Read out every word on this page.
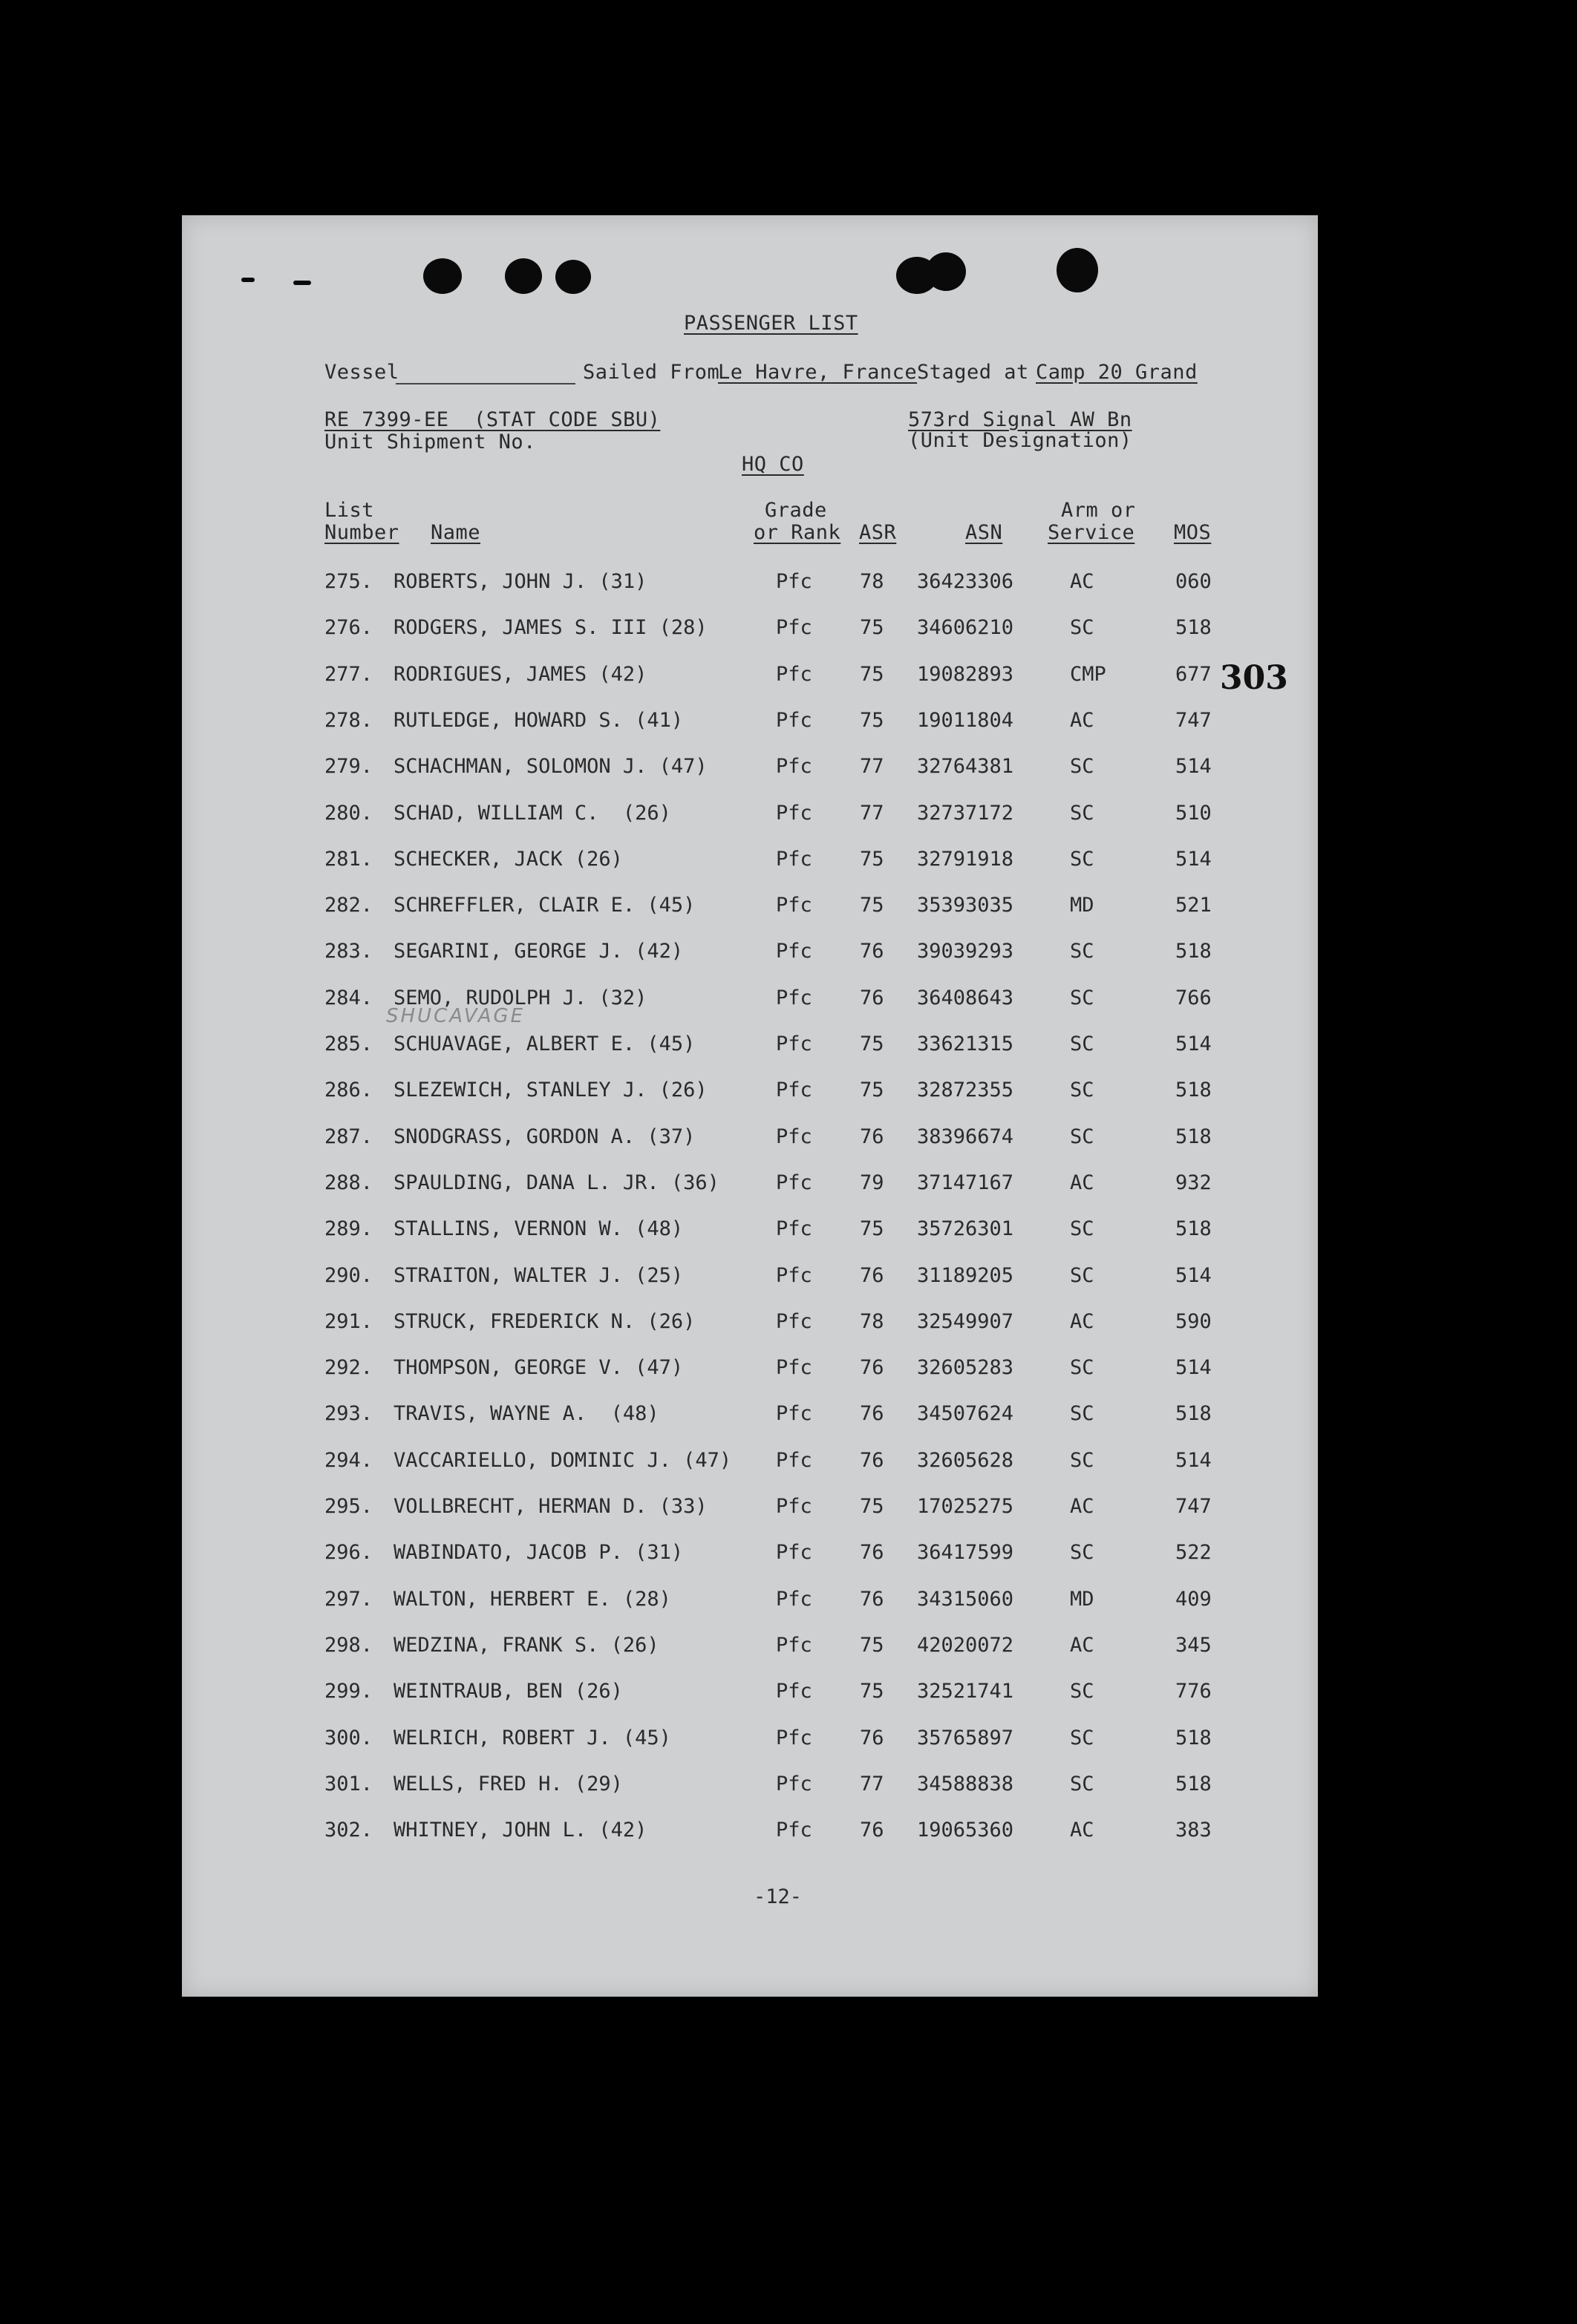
PASSENGER LIST
Vessel	Sailed From
Le Havre, France Staged at Camp 20 Grand
RE 7399-EE  (STAT CODE SBU)
Unit Shipment No.
573rd Signal AW Bn
(Unit Designation)
HQ CO
List
Number Name
Grade
or Rank ASR	ASN
Arm or
Service MOS
275. ROBERTS, JOHN J. (31)	Pfc 78 36423306	AC	060
276. RODGERS, JAMES S. III (28)	Pfc 75 34606210	SC	518
277. RODRIGUES, JAMES (42)	Pfc 75 19082893	CMP	677
278. RUTLEDGE, HOWARD S. (41)	Pfc 75 19011804	AC	747
279. SCHACHMAN, SOLOMON J. (47)	Pfc 77 32764381	SC	514
280. SCHAD, WILLIAM C.  (26)	Pfc 77 32737172	SC	510
281. SCHECKER, JACK (26)	Pfc 75 32791918	SC	514
282. SCHREFFLER, CLAIR E. (45)	Pfc 75 35393035	MD	521
283. SEGARINI, GEORGE J. (42)	Pfc 76 39039293	SC	518
284. SEMO, RUDOLPH J. (32)	Pfc 76 36408643	SC	766
285. SCHUAVAGE, ALBERT E. (45)	Pfc 75 33621315	SC	514
286. SLEZEWICH, STANLEY J. (26)	Pfc 75 32872355	SC	518
287. SNODGRASS, GORDON A. (37)	Pfc 76 38396674	SC	518
288. SPAULDING, DANA L. JR. (36)	Pfc 79 37147167	AC	932
289. STALLINS, VERNON W. (48)	Pfc 75 35726301	SC	518
290. STRAITON, WALTER J. (25)	Pfc 76 31189205	SC	514
291. STRUCK, FREDERICK N. (26)	Pfc 78 32549907	AC	590
292. THOMPSON, GEORGE V. (47)	Pfc 76 32605283	SC	514
293. TRAVIS, WAYNE A.  (48)	Pfc 76 34507624	SC	518
294. VACCARIELLO, DOMINIC J. (47) Pfc 76 32605628	SC	514
295. VOLLBRECHT, HERMAN D. (33)	Pfc 75 17025275	AC	747
296. WABINDATO, JACOB P. (31)	Pfc 76 36417599	SC	522
297. WALTON, HERBERT E. (28)	Pfc 76 34315060	MD	409
298. WEDZINA, FRANK S. (26)	Pfc 75 42020072	AC	345
299. WEINTRAUB, BEN (26)	Pfc 75 32521741	SC	776
300. WELRICH, ROBERT J. (45)	Pfc 76 35765897	SC	518
301. WELLS, FRED H. (29)	Pfc 77 34588838	SC	518
302. WHITNEY, JOHN L. (42)	Pfc 76 19065360	AC	383
SHUCAVAGE
303
-12-
